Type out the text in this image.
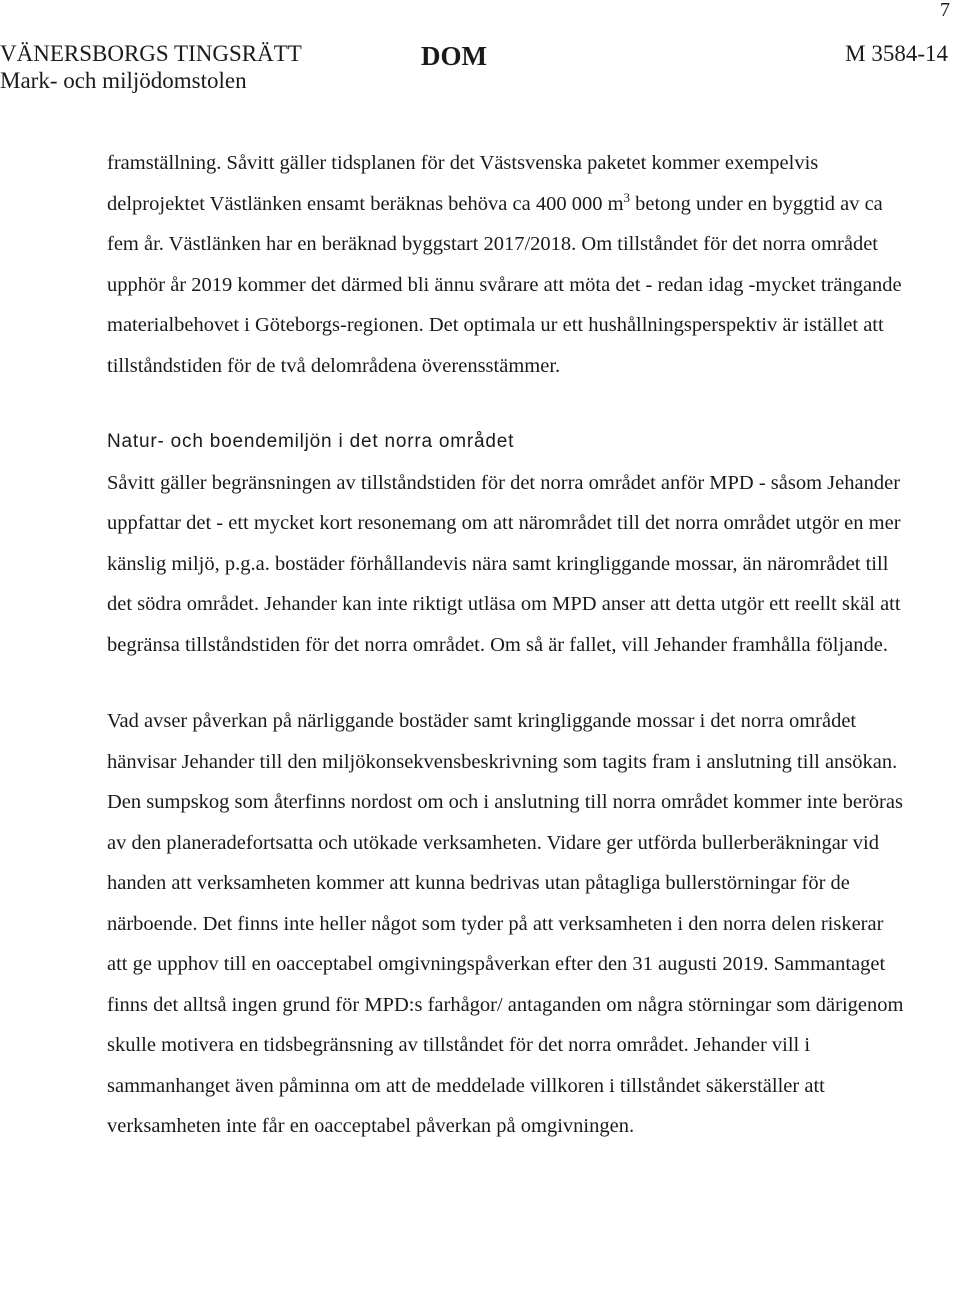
7
VÄNERSBORGS TINGSRÄTT
Mark- och miljödomstolen
DOM	M 3584-14

framställning. Såvitt gäller tidsplanen för det Västsvenska paketet kommer exempelvis delprojektet Västlänken ensamt beräknas behöva ca 400 000 $m^3$ betong under en byggtid av ca fem år. Västlänken har en beräknad byggstart 2017/2018. Om tillståndet för det norra området upphör år 2019 kommer det därmed bli ännu svårare att möta det - redan idag -mycket trängande materialbehovet i Göteborgs-regionen. Det optimala ur ett hushållningsperspektiv är istället att tillståndstiden för de två delområdena överensstämmer.

Natur- och boendemiljön i det norra området

Såvitt gäller begränsningen av tillståndstiden för det norra området anför MPD - såsom Jehander uppfattar det - ett mycket kort resonemang om att närområdet till det norra området utgör en mer känslig miljö, p.g.a. bostäder förhållandevis nära samt kringliggande mossar, än närområdet till det södra området. Jehander kan inte riktigt utläsa om MPD anser att detta utgör ett reellt skäl att begränsa tillståndstiden för det norra området. Om så är fallet, vill Jehander framhålla följande.

Vad avser påverkan på närliggande bostäder samt kringliggande mossar i det norra området hänvisar Jehander till den miljökonsekvensbeskrivning som tagits fram i anslutning till ansökan. Den sumpskog som återfinns nordost om och i anslutning till norra området kommer inte beröras av den planeradefortsatta och utökade verksamheten. Vidare ger utförda bullerberäkningar vid handen att verksamheten kommer att kunna bedrivas utan påtagliga bullerstörningar för de närboende. Det finns inte heller något som tyder på att verksamheten i den norra delen riskerar att ge upphov till en oacceptabel omgivningspåverkan efter den 31 augusti 2019. Sammantaget finns det alltså ingen grund för MPD:s farhågor/ antaganden om några störningar som därigenom skulle motivera en tidsbegränsning av tillståndet för det norra området. Jehander vill i sammanhanget även påminna om att de meddelade villkoren i tillståndet säkerställer att verksamheten inte får en oacceptabel påverkan på omgivningen.
